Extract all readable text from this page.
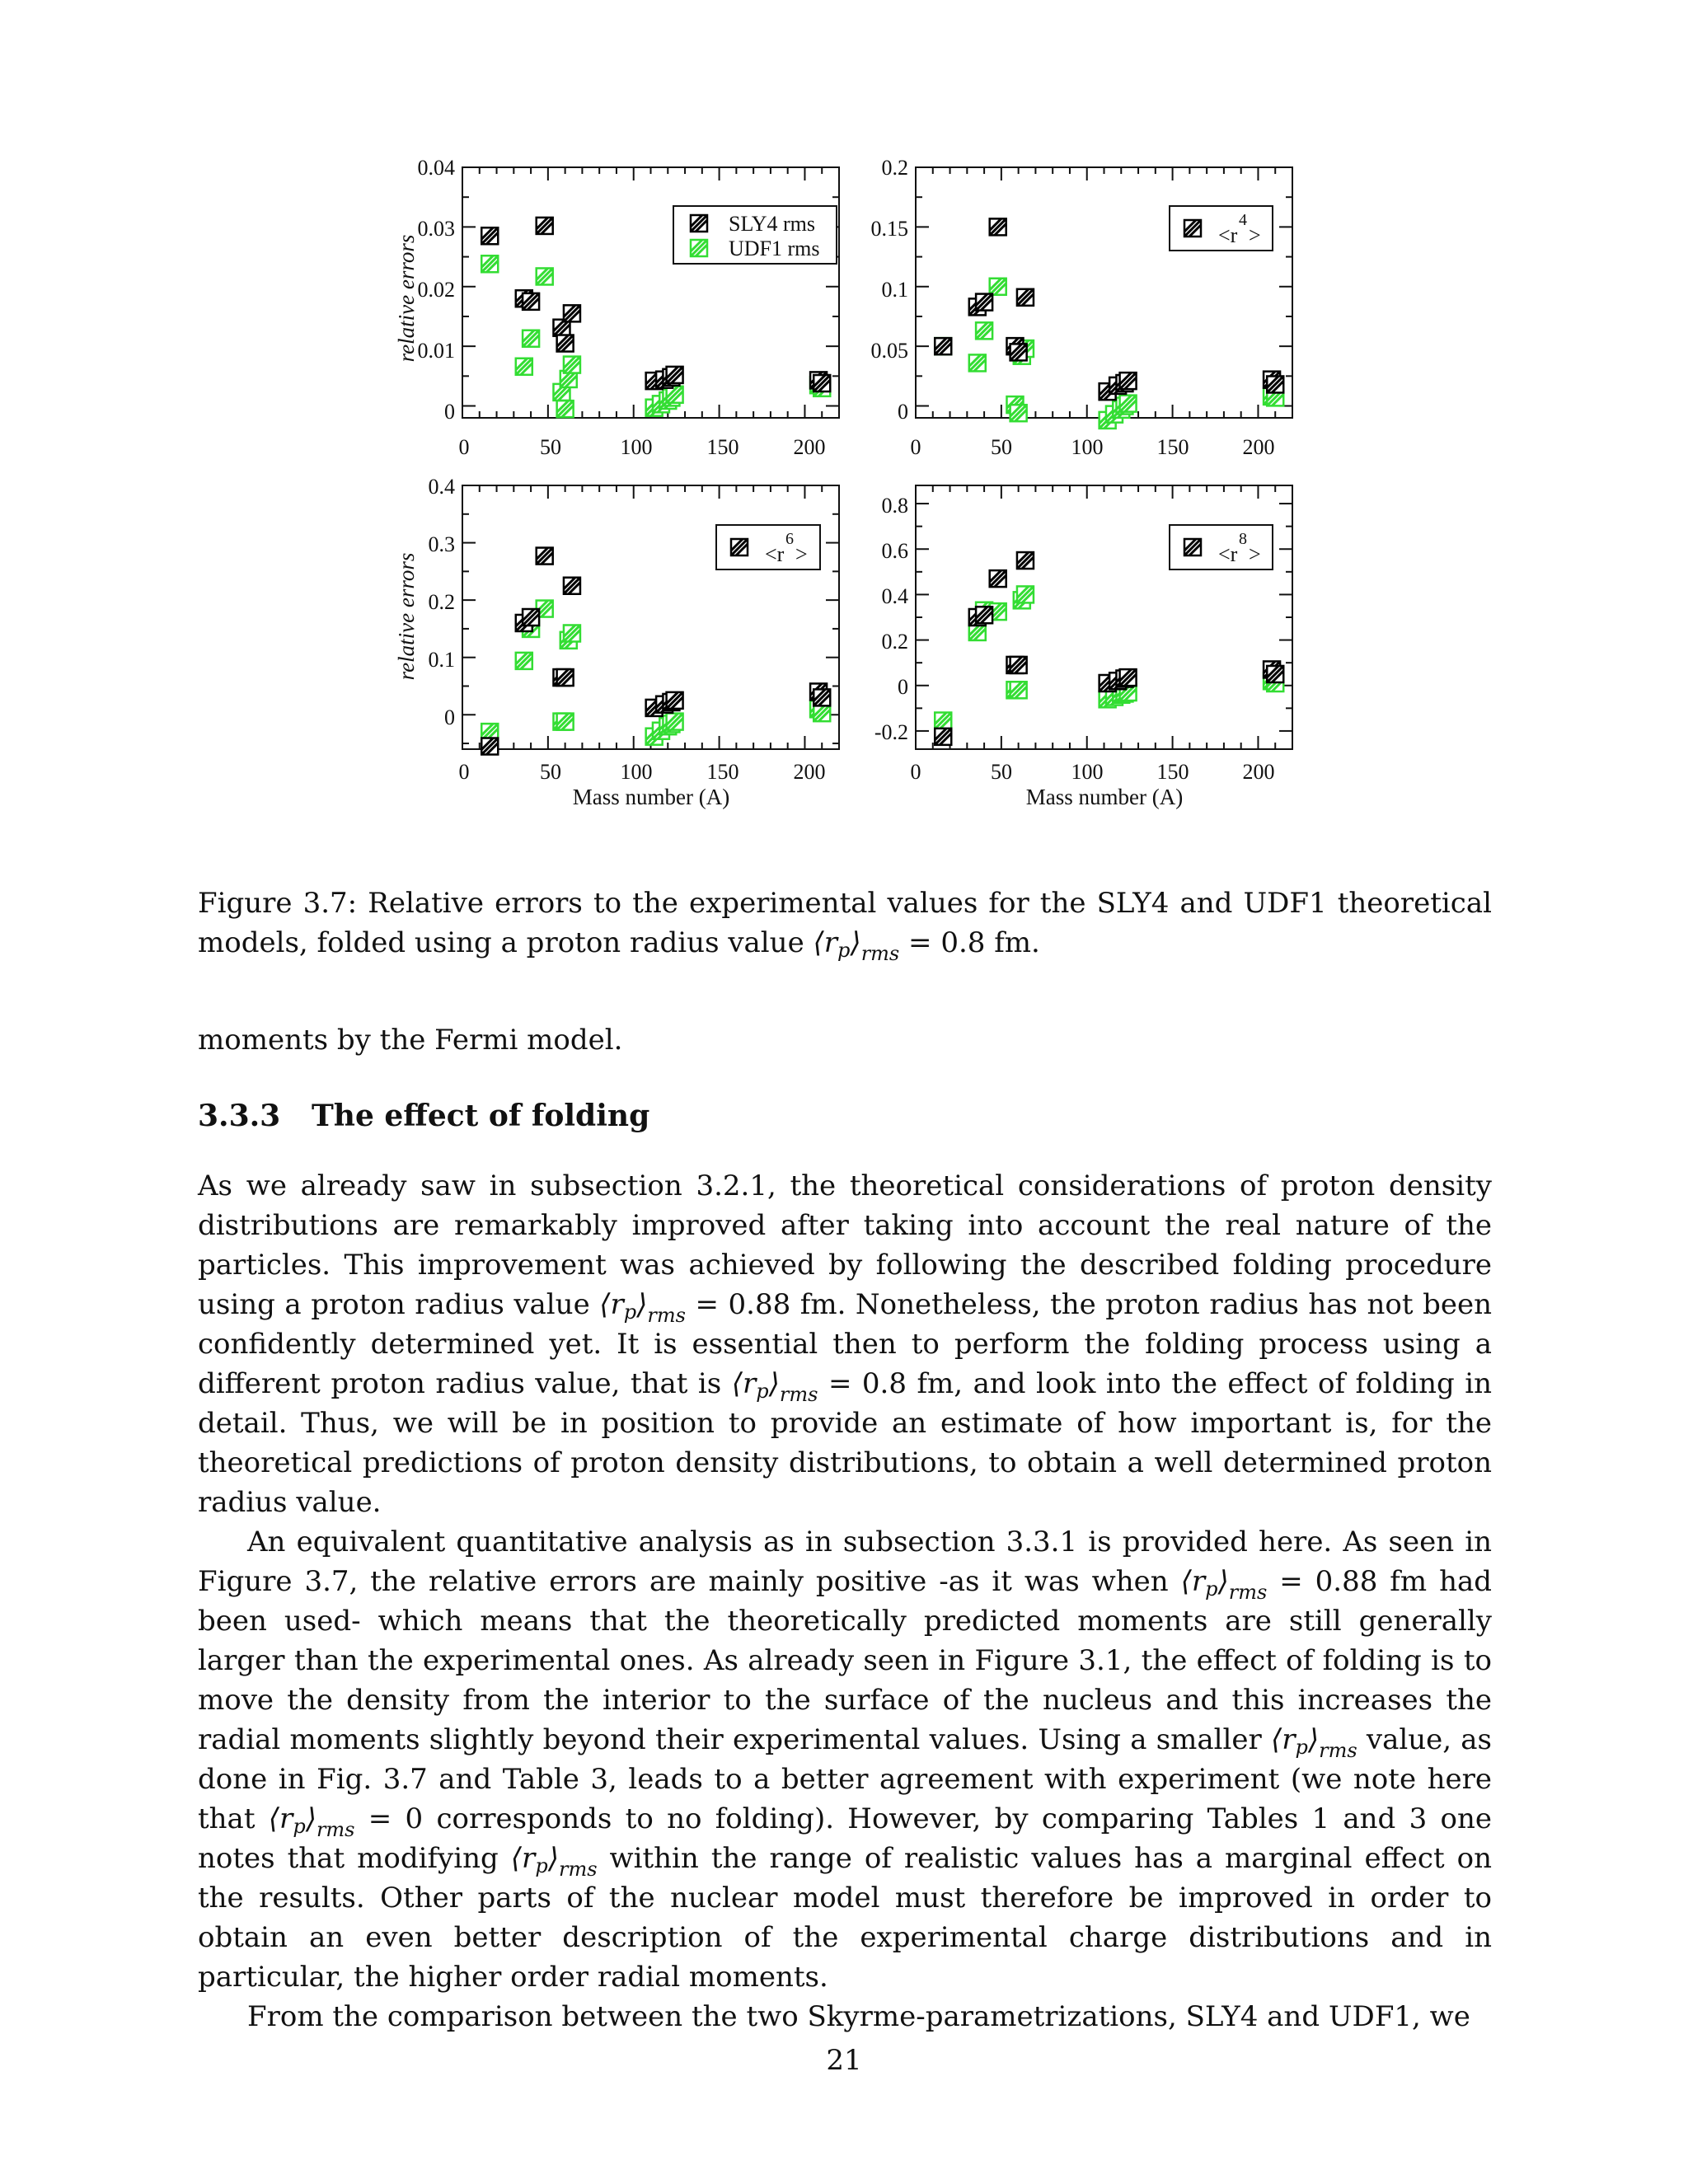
0.04
0.03
0.02
0.01
0
0	50	100	150	200
relative errors
SLY4 rms
UDF1 rms
0.2
0.15
0.1
0.05
0
0	50	100	150	200
<r
4
>
0.4
0.3
0.2
0.1
0
0	50	100	150	200
Mass number (A)
relative errors	<r
6
>
0.8
0.6
0.4
0.2
0
-0.2
0	50	100	150	200
Mass number (A)
<r
8
>
Figure 3.7: Relative errors to the experimental values for the SLY4 and UDF1 theoretical models, folded using a proton radius value $⟨r_p⟩_{rms} = 0.8$ fm.
moments by the Fermi model.
3.3.3 The effect of folding

As we already saw in subsection 3.2.1, the theoretical considerations of proton density distributions are remarkably improved after taking into account the real nature of the particles. This improvement was achieved by following the described folding procedure using a proton radius value $⟨r_p⟩_{rms} = 0.88$ fm. Nonetheless, the proton radius has not been confidently determined yet. It is essential then to perform the folding process using a different proton radius value, that is $⟨r_p⟩_{rms} = 0.8$ fm, and look into the effect of folding in detail. Thus, we will be in position to provide an estimate of how important is, for the theoretical predictions of proton density distributions, to obtain a well determined proton radius value.

An equivalent quantitative analysis as in subsection 3.3.1 is provided here. As seen in Figure 3.7, the relative errors are mainly positive -as it was when $⟨r_p⟩_{rms} = 0.88$ fm had been used- which means that the theoretically predicted moments are still generally larger than the experimental ones. As already seen in Figure 3.1, the effect of folding is to move the density from the interior to the surface of the nucleus and this increases the radial moments slightly beyond their experimental values. Using a smaller $⟨r_p⟩_{rms}$ value, as done in Fig. 3.7 and Table 3, leads to a better agreement with experiment (we note here that $⟨r_p⟩_{rms} = 0$ corresponds to no folding). However, by comparing Tables 1 and 3 one notes that modifying $⟨r_p⟩_{rms}$ within the range of realistic values has a marginal effect on the results. Other parts of the nuclear model must therefore be improved in order to obtain an even better description of the experimental charge distributions and in particular, the higher order radial moments.

From the comparison between the two Skyrme-parametrizations, SLY4 and UDF1, we

21
